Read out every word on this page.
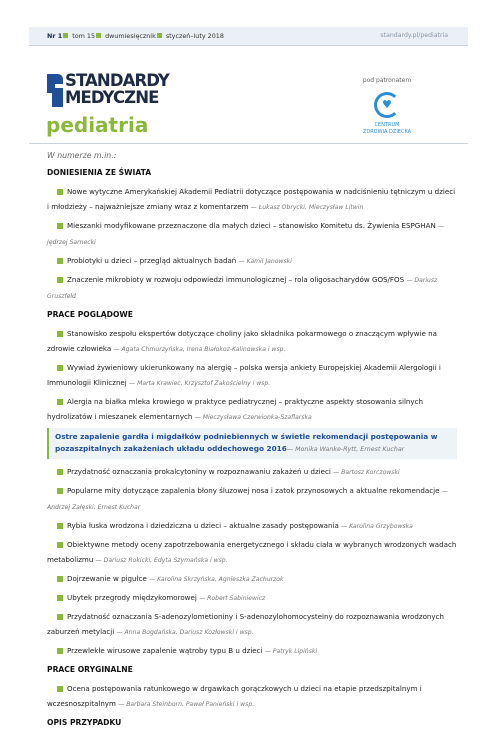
Nr 1 tom 15 dwumiesięcznik styczeń–luty 2018	standardy.pl/pediatria
STANDARDY
MEDYCZNE
pediatria
pod patronatem
♥
CENTRUM
ZDROWIA DZIECKA
W numerze m.in.:
DONIESIENIA ZE ŚWIATA
Nowe wytyczne Amerykańskiej Akademii Pediatrii dotyczące postępowania w nadciśnieniu tętniczym u dzieci i młodzieży – najważniejsze zmiany wraz z komentarzem — Łukasz Obrycki, Mieczysław Litwin
Mieszanki modyfikowane przeznaczone dla małych dzieci – stanowisko Komitetu ds. Żywienia ESPGHAN — Jędrzej Sarnecki
Probiotyki u dzieci – przegląd aktualnych badań — Kamil Janowski
Znaczenie mikrobioty w rozwoju odpowiedzi immunologicznej – rola oligosacharydów GOS/FOS — Dariusz Gruszfeld
PRACE POGLĄDOWE
Stanowisko zespołu ekspertów dotyczące choliny jako składnika pokarmowego o znaczącym wpływie na zdrowie człowieka — Agata Chmurzyńska, Irena Białokoz-Kalinowska i wsp.
Wywiad żywieniowy ukierunkowany na alergię – polska wersja ankiety Europejskiej Akademii Alergologii i Immunologii Klinicznej — Marta Krawiec, Krzysztof Zakościelny i wsp.
Alergia na białka mleka krowiego w praktyce pediatrycznej – praktyczne aspekty stosowania silnych hydrolizatów i mieszanek elementarnych — Mieczysława Czerwionka-Szaflarska
Ostre zapalenie gardła i migdałków podniebiennych w świetle rekomendacji postępowania w pozaszpitalnych zakażeniach układu oddechowego 2016— Monika Wanke-Rytt, Ernest Kuchar
Przydatność oznaczania prokalcytoniny w rozpoznawaniu zakażeń u dzieci — Bartosz Korczowski
Popularne mity dotyczące zapalenia błony śluzowej nosa i zatok przynosowych a aktualne rekomendacje — Andrzej Załęski, Ernest Kuchar
Rybia łuska wrodzona i dziedziczna u dzieci – aktualne zasady postępowania — Karolina Grzybowska
Obiektywne metody oceny zapotrzebowania energetycznego i składu ciała w wybranych wrodzonych wadach metabolizmu — Dariusz Rokicki, Edyta Szymańska i wsp.
Dojrzewanie w pigułce — Karolina Skrzyńska, Agnieszka Zachurzok
Ubytek przegrody międzykomorowej — Robert Sabiniewicz
Przydatność oznaczania S-adenozylometioniny i S-adenozylohomocysteiny do rozpoznawania wrodzonych zaburzeń metylacji — Anna Bogdańska, Dariusz Kozłowski i wsp.
Przewlekłe wirusowe zapalenie wątroby typu B u dzieci — Patryk Lipiński
PRACE ORYGINALNE
Ocena postępowania ratunkowego w drgawkach gorączkowych u dzieci na etapie przedszpitalnym i wczesnoszpitalnym — Barbara Steinborn, Paweł Panieński i wsp.
OPIS PRZYPADKU
